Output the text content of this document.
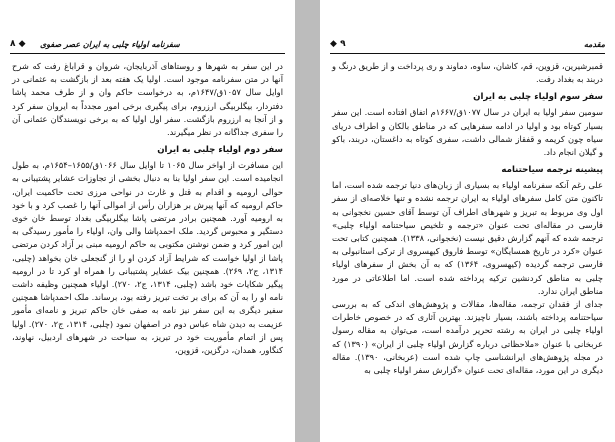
◆ ۸ سفرنامه اولیاء چلبی به ایران عصر صفوی

در این سفر به شهرها و روستاهای آذربایجان، شروان و قراباغ رفت که شرح آنها در متن سفرنامه موجود است. اولیا یک هفته بعد از بازگشت به عثمانی در اوایل سال ۱۰۵۷ق/۱۶۴۷م، به درخواست حاکم وان و از طرف محمد پاشا دفتردار، بیگلربیگی ارزروم، برای پیگیری برخی امور مجدداً به ایروان سفر کرد و از آنجا به ارزروم بازگشت. سفر اول اولیا که به برخی نویسندگان عثمانی آن را سفری جداگانه در نظر میگیرند.

سفر دوم اولیاء چلبی به ایران

این مسافرت از اواخر سال ۱۰۶۵ تا اوایل سال ۱۰۶۶ق/۱۶۵۵–۱۶۵۴م، به طول انجامیده است. این سفر اولیا بنا به دنبال بخشی از تجاوزات عشایر پشتیبانی به حوالی ارومیه و اقدام به قتل و غارت در نواحی مرزی تحت حاکمیت ایران، حاکم ارومیه که آنها پیرش بر هزاران رأس از اموالی آنها را غصب کرد و با خود به ارومیه آورد. همچنین برادر مرتضی پاشا بیگلربیگی بغداد توسط خان خوی دستگیر و محبوس گردید. ملک احمدپاشا والی وان، اولیاء را مأمور رسیدگی به این امور کرد و ضمن نوشتن مکتوبی به حاکم ارومیه مبنی بر آزاد کردن مرتضی پاشا از اولیا خواست که شرایط آزاد کردن او را از گنجعلی خان بخواهد (چلبی، ۱۳۱۴، ج۲، ۲۶۹). همچنین بیک عشایر پشتیبانی را همراه او کرد تا در ارومیه پیگیر شکایات خود باشد (چلبی، ۱۳۱۴، ج۲، ۲۷۰). اولیاء همچنین وظیفه داشت نامه او را به آن که برای بر تخت تبریز رفته بود، برساند. ملک احمدپاشا همچنین سفیر دیگری به این سفر نیز نامه به صفی خان حاکم تبریز و نامه‌ای مأمور عزیمت به دیدن شاه عباس دوم در اصفهان نمود (چلبی، ۱۳۱۴، ج۲، ۲۷۰). اولیا پس از اتمام مأموریت خود در تبریز، به سیاحت در شهرهای اردبیل، نهاوند، کنگاور، همدان، درگزین، قزوین،

۹ ◆	مقدمه

قمبرشیرین، قزوین، قم، کاشان، ساوه، دماوند و ری پرداخت و از طریق درنگ و دربند به بغداد رفت.

سفر سوم اولیاء چلبی به ایران

سومین سفر اولیا به ایران در سال ۱۰۷۷ق/۱۶۶۷م اتفاق افتاده است. این سفر بسیار کوتاه بود و اولیا در ادامه سفرهایی که در مناطق بالکان و اطراف دریای سیاه چون کریمه و قفقاز شمالی داشت، سفری کوتاه به داغستان، دربند، باکو و گیلان انجام داد.

پیشینه ترجمه سیاحتنامه

علی رغم آنکه سفرنامه اولیاء به بسیاری از زبان‌های دنیا ترجمه شده است، اما تاکنون متن کامل سفرهای اولیاء به ایران ترجمه نشده و تنها خلاصه‌ای از سفر اول وی مربوط به تبریز و شهرهای اطراف آن توسط آقای حسین نخجوانی به فارسی در مقاله‌ای تحت عنوان «ترجمه و تلخیص سیاحتنامه اولیاء چلبی» ترجمه شده که آنهم گزارش دقیق نیست (نخجوانی، ۱۳۳۸). همچنین کتابی تحت عنوان «کرد در تاریخ همسایگان» توسط فاروق کیهسروی از ترکی استانبولی به فارسی ترجمه گردیده (کیهسروی، ۱۳۶۴) که به آن بخش از سفرهای اولیاء چلبی به مناطق کردنشین ترکیه پرداخته شده است. اما اطلاعاتی در مورد مناطق ایران ندارد.

جدای از فقدان ترجمه، مقاله‌ها، مقالات و پژوهش‌های اندکی که به بررسی سیاحتنامه پرداخته باشند، بسیار ناچیزند. بهترین آثاری که در خصوص خاطرات اولیاء چلبی در ایران به رشته تحریر درآمده است، می‌توان به مقاله رسول عربخانی با عنوان «ملاحظاتی درباره گزارش اولیاء چلبی از ایران» (۱۳۹۰) که در مجله پژوهش‌های ایرانشناسی چاپ شده است (عربخانی، ۱۳۹۰). مقاله دیگری در این مورد، مقاله‌ای تحت عنوان «گزارش سفر اولیاء چلبی به
